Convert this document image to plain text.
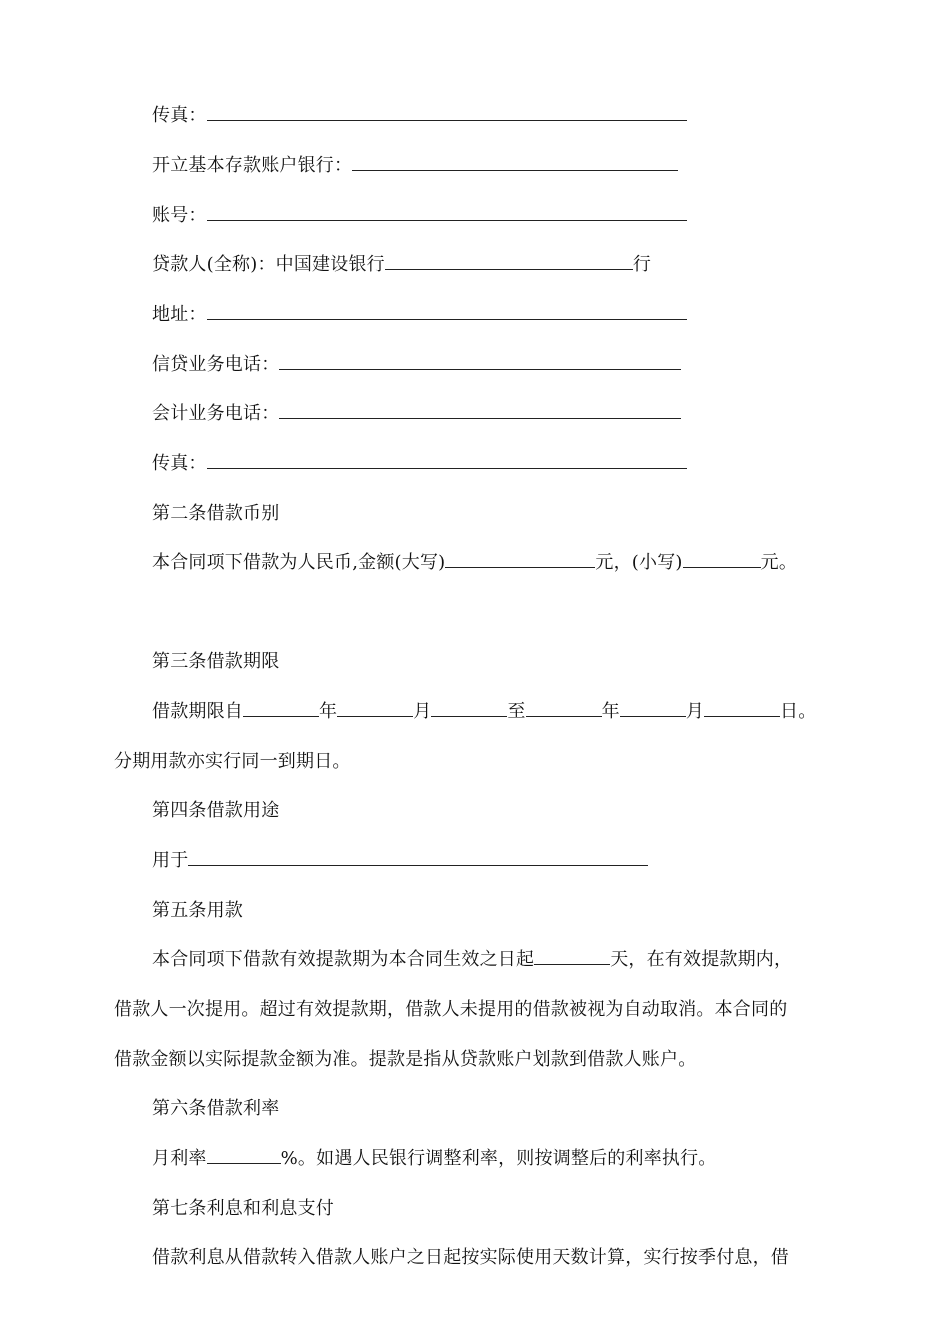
传真：
开立基本存款账户银行：
账号：
贷款人(全称)：中国建设银行	行
地址：
信贷业务电话：
会计业务电话：
传真：
第二条借款币别
本合同项下借款为人民币,金额(大写)	元，(小写)	元。
第三条借款期限
借款期限自	年	月	至	年	月	日。
分期用款亦实行同一到期日。
第四条借款用途
用于
第五条用款
本合同项下借款有效提款期为本合同生效之日起	天，在有效提款期内，
借款人一次提用。超过有效提款期，借款人未提用的借款被视为自动取消。本合同的
借款金额以实际提款金额为准。提款是指从贷款账户划款到借款人账户。
第六条借款利率
月利率	%。如遇人民银行调整利率，则按调整后的利率执行。
第七条利息和利息支付
借款利息从借款转入借款人账户之日起按实际使用天数计算，实行按季付息，借
